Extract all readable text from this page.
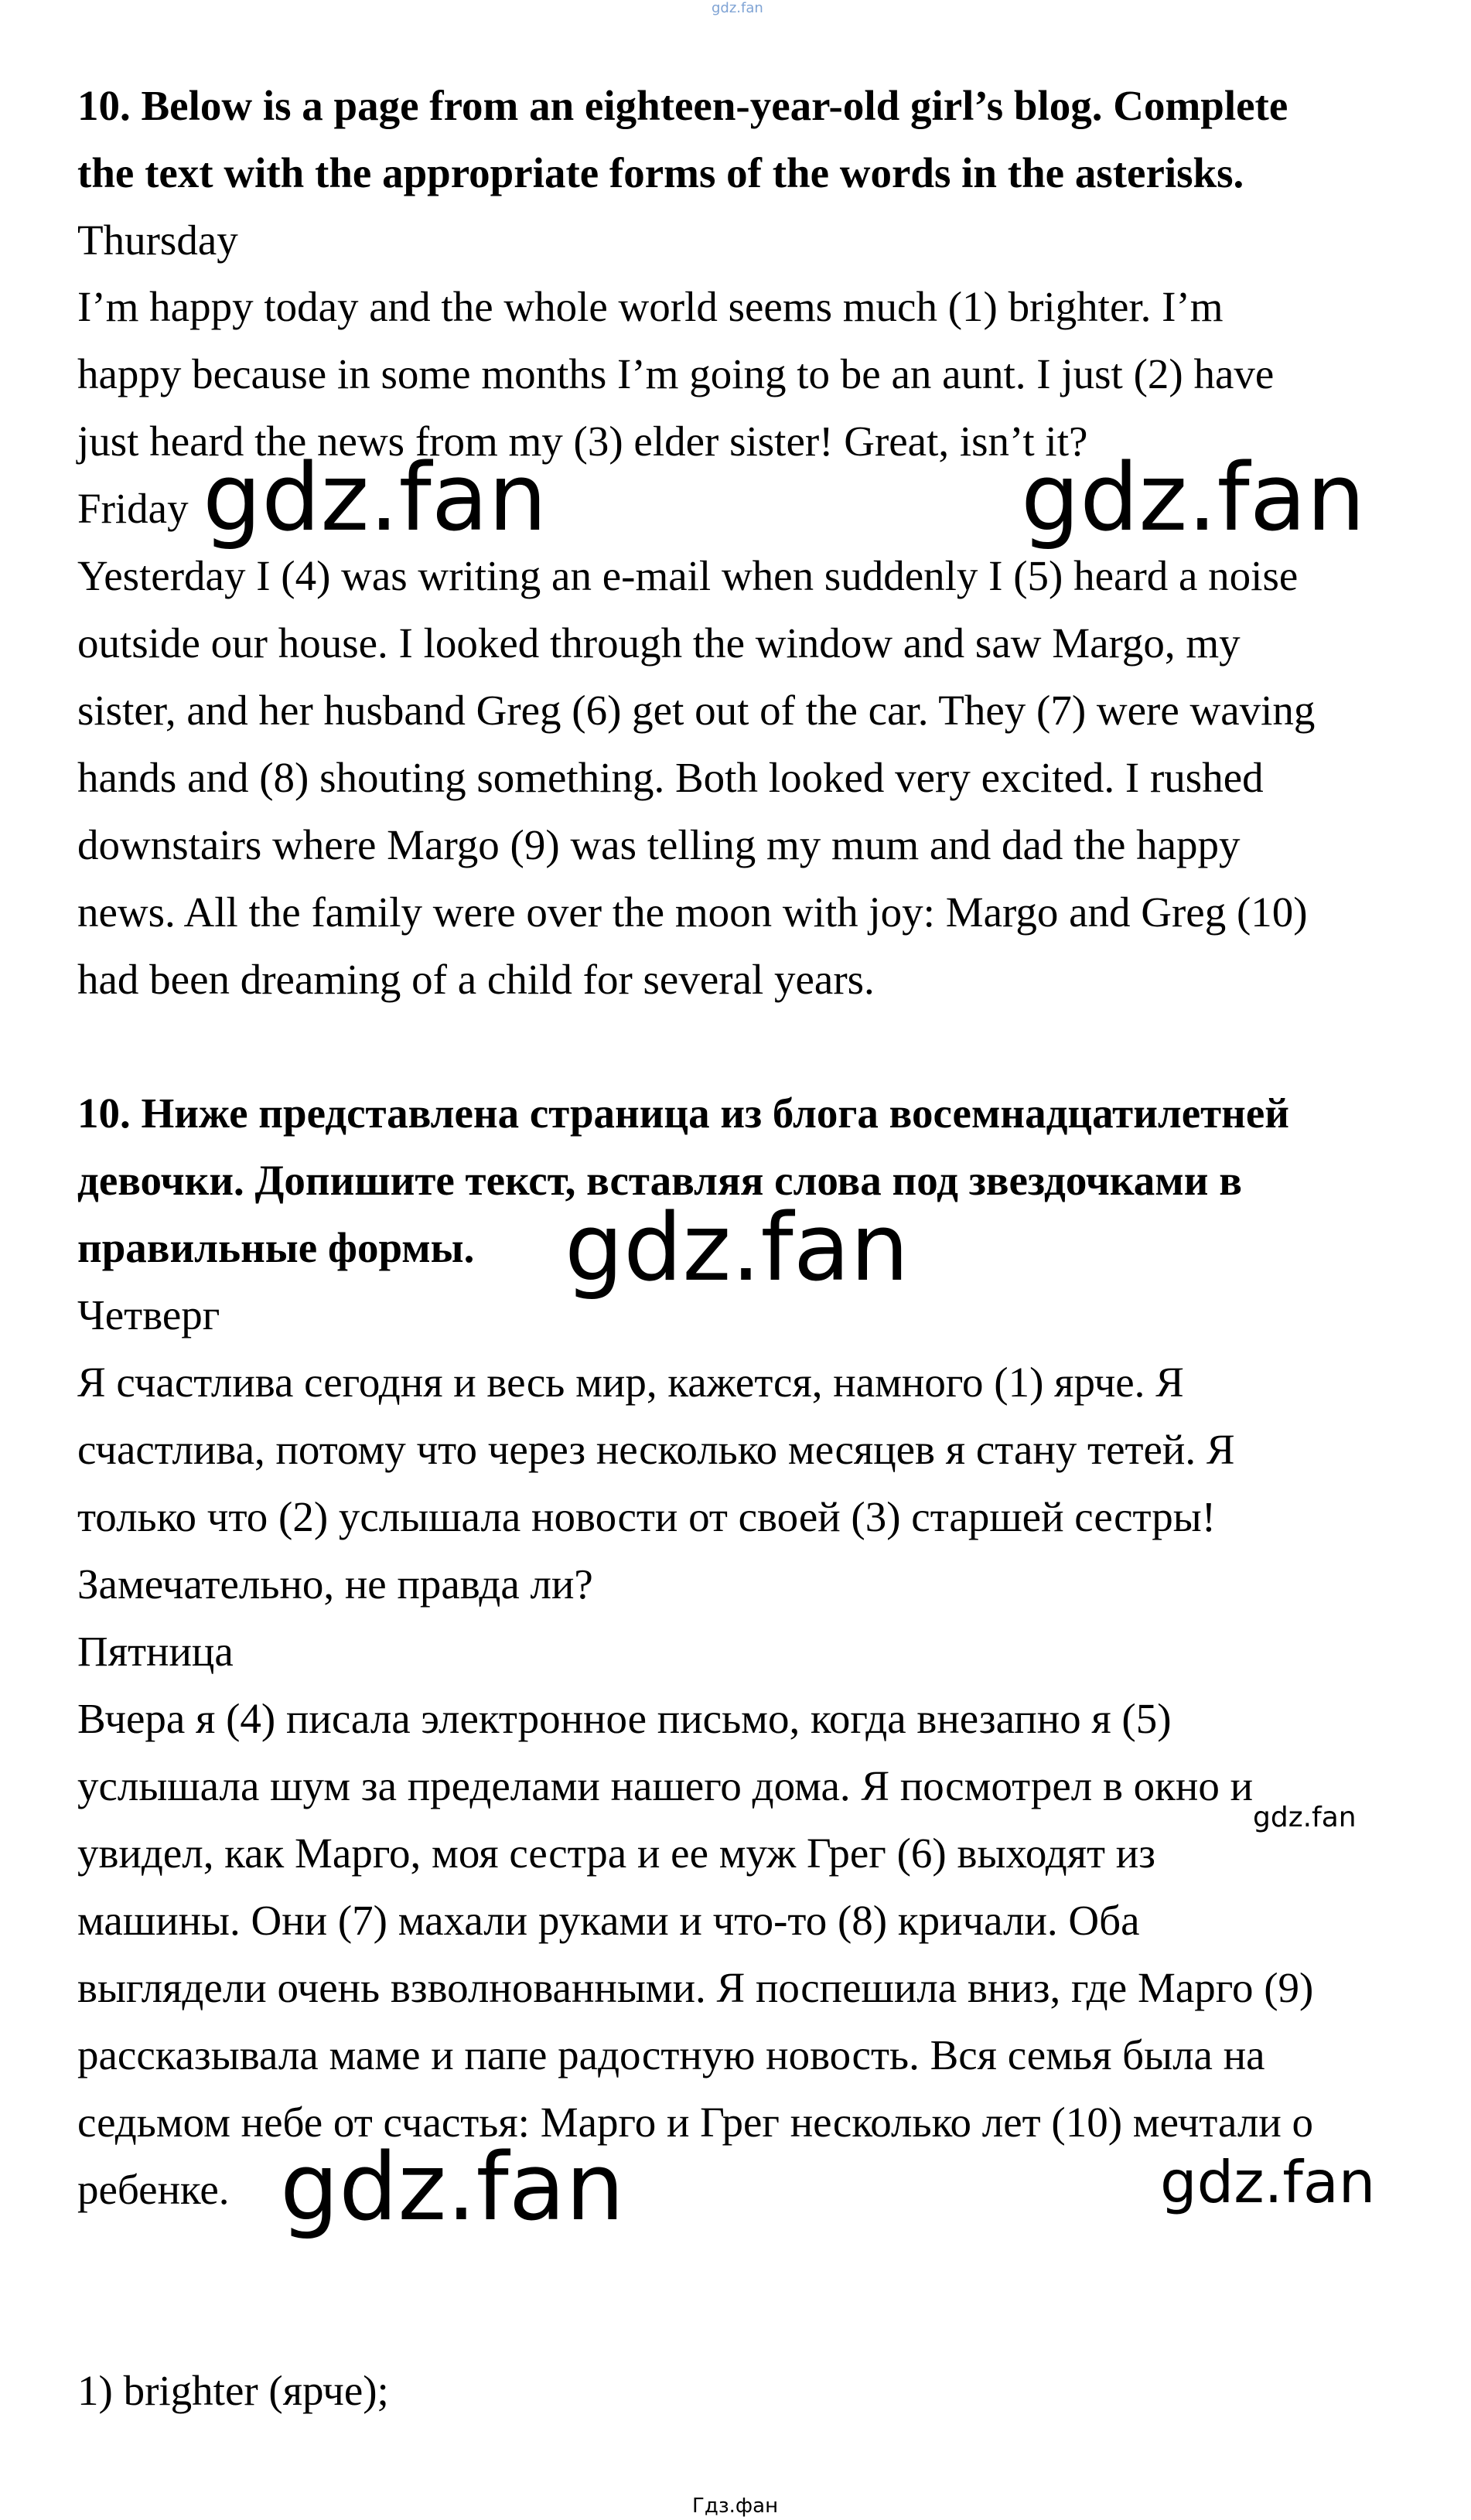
gdz.fan
10. Below is a page from an eighteen-year-old girl’s blog. Complete
the text with the appropriate forms of the words in the asterisks.
Thursday
I’m happy today and the whole world seems much (1) brighter. I’m
happy because in some months I’m going to be an aunt. I just (2) have
just heard the news from my (3) elder sister! Great, isn’t it?
Friday
Yesterday I (4) was writing an e-mail when suddenly I (5) heard a noise
outside our house. I looked through the window and saw Margo, my
sister, and her husband Greg (6) get out of the car. They (7) were waving
hands and (8) shouting something. Both looked very excited. I rushed
downstairs where Margo (9) was telling my mum and dad the happy
news. All the family were over the moon with joy: Margo and Greg (10)
had been dreaming of a child for several years.
10. Ниже представлена страница из блога восемнадцатилетней
девочки. Допишите текст, вставляя слова под звездочками в
правильные формы.
Четверг
Я счастлива сегодня и весь мир, кажется, намного (1) ярче. Я
счастлива, потому что через несколько месяцев я стану тетей. Я
только что (2) услышала новости от своей (3) старшей сестры!
Замечательно, не правда ли?
Пятница
Вчера я (4) писала электронное письмо, когда внезапно я (5)
услышала шум за пределами нашего дома. Я посмотрел в окно и
увидел, как Марго, моя сестра и ее муж Грег (6) выходят из
машины. Они (7) махали руками и что-то (8) кричали. Оба
выглядели очень взволнованными. Я поспешила вниз, где Марго (9)
рассказывала маме и папе радостную новость. Вся семья была на
седьмом небе от счастья: Марго и Грег несколько лет (10) мечтали о
ребенке.
1) brighter (ярче);
gdz.fan	gdz.fan
gdz.fan
gdz.fan
gdz.fan	gdz.fan
Гдз.фан
